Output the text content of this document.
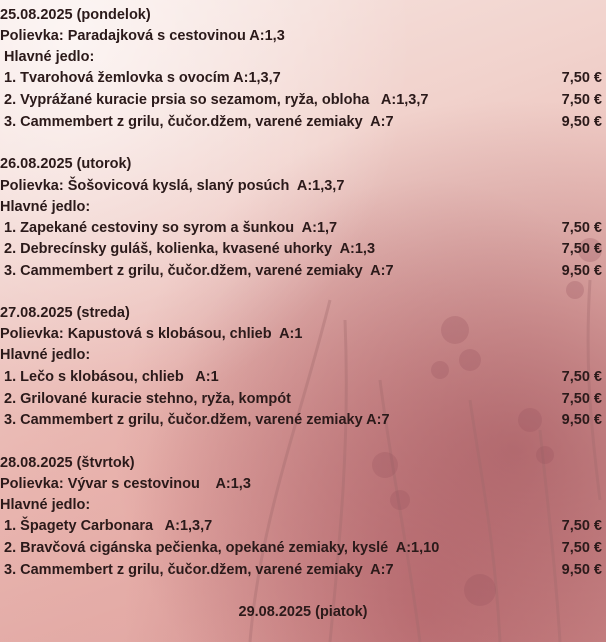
25.08.2025 (pondelok)
Polievka: Paradajková s cestovinou A:1,3
Hlavné jedlo:
1. Tvarohová žemlovka s ovocím A:1,3,7	7,50 €
2. Vyprážané kuracie prsia so sezamom, ryža, obloha   A:1,3,7	7,50 €
3. Cammembert z grilu, čučor.džem, varené zemiaky  A:7	9,50 €
26.08.2025 (utorok)
Polievka: Šošovicová kyslá, slaný posúch  A:1,3,7
Hlavné jedlo:
1. Zapekané cestoviny so syrom a šunkou  A:1,7	7,50 €
2. Debrecínsky guláš, kolienka, kvasené uhorky  A:1,3	7,50 €
3. Cammembert z grilu, čučor.džem, varené zemiaky  A:7	9,50 €
27.08.2025 (streda)
Polievka: Kapustová s klobásou, chlieb  A:1
Hlavné jedlo:
1. Lečo s klobásou, chlieb   A:1	7,50 €
2. Grilované kuracie stehno, ryža, kompót	7,50 €
3. Cammembert z grilu, čučor.džem, varené zemiaky A:7	9,50 €
28.08.2025 (štvrtok)
Polievka: Vývar s cestovinou    A:1,3
Hlavné jedlo:
1. Špagety Carbonara   A:1,3,7	7,50 €
2. Bravčová cigánska pečienka, opekané zemiaky, kyslé  A:1,10	7,50 €
3. Cammembert z grilu, čučor.džem, varené zemiaky  A:7	9,50 €
29.08.2025 (piatok)
